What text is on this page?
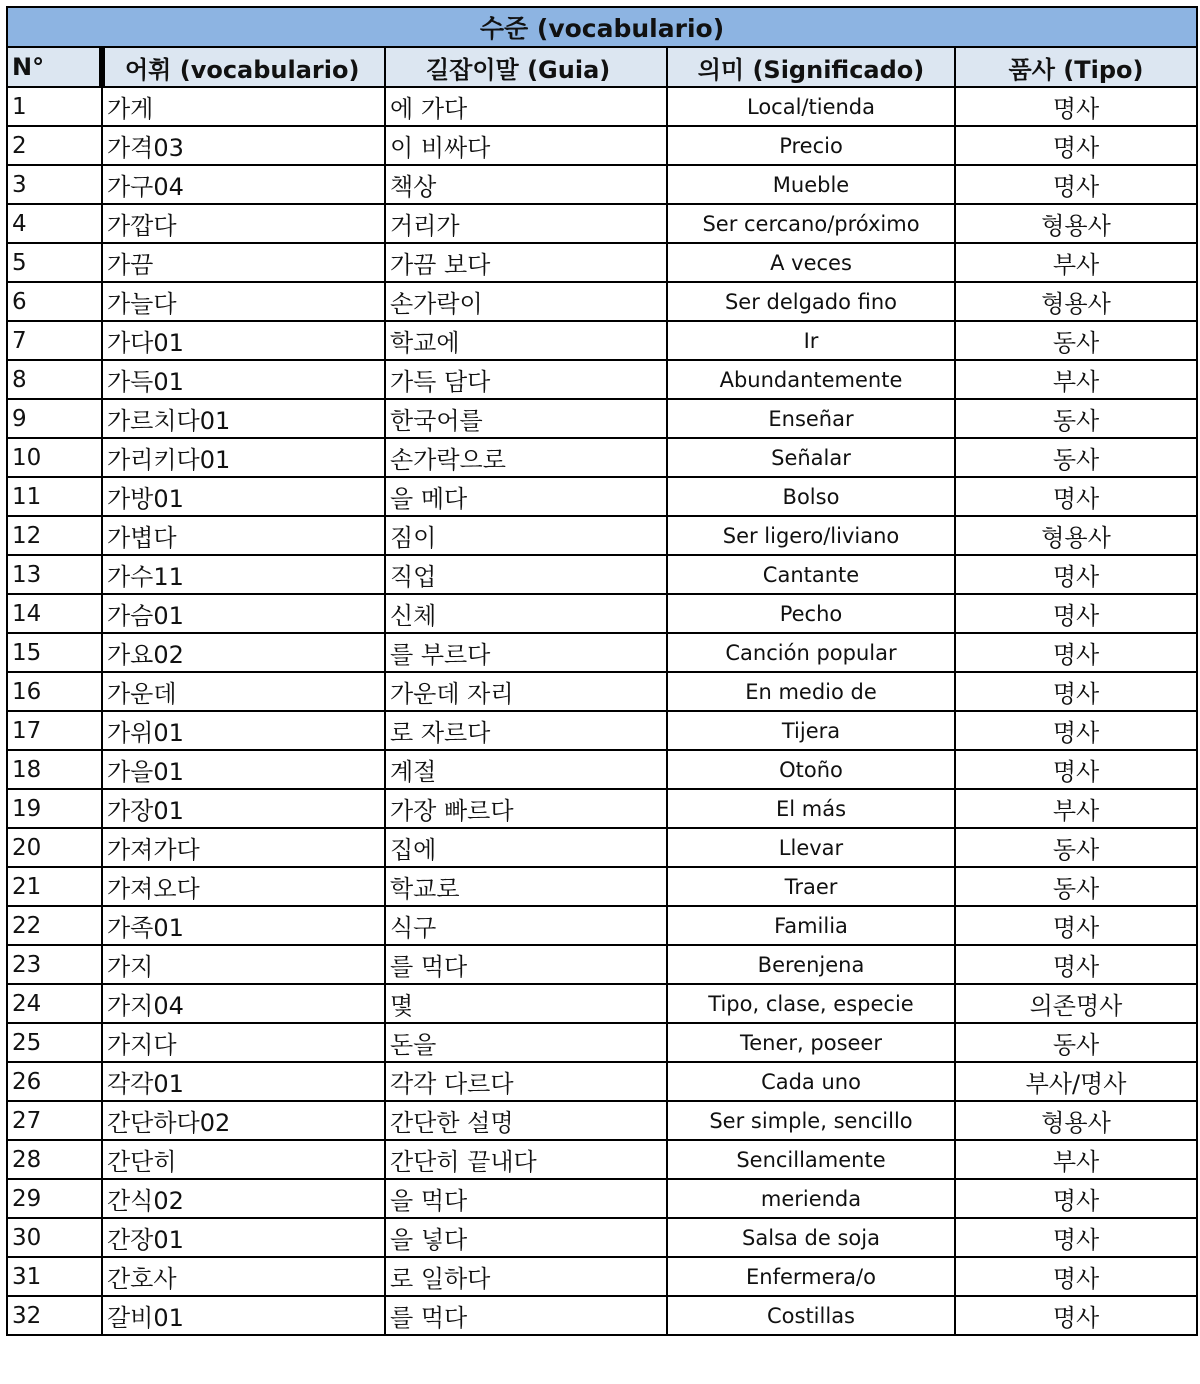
수준 (vocabulario)				
N°	어휘 (vocabulario)	길잡이말 (Guia)	의미 (Significado)	품사 (Tipo)
1	가게	에 가다	Local/tienda	명사
2	가격03	이 비싸다	Precio	명사
3	가구04	책상	Mueble	명사
4	가깝다	거리가	Ser cercano/próximo	형용사
5	가끔	가끔 보다	A veces	부사
6	가늘다	손가락이	Ser delgado fino	형용사
7	가다01	학교에	Ir	동사
8	가득01	가득 담다	Abundantemente	부사
9	가르치다01	한국어를	Enseñar	동사
10	가리키다01	손가락으로	Señalar	동사
11	가방01	을 메다	Bolso	명사
12	가볍다	짐이	Ser ligero/liviano	형용사
13	가수11	직업	Cantante	명사
14	가슴01	신체	Pecho	명사
15	가요02	를 부르다	Canción popular	명사
16	가운데	가운데 자리	En medio de	명사
17	가위01	로 자르다	Tijera	명사
18	가을01	계절	Otoño	명사
19	가장01	가장 빠르다	El más	부사
20	가져가다	집에	Llevar	동사
21	가져오다	학교로	Traer	동사
22	가족01	식구	Familia	명사
23	가지	를 먹다	Berenjena	명사
24	가지04	몇	Tipo, clase, especie	의존명사
25	가지다	돈을	Tener, poseer	동사
26	각각01	각각 다르다	Cada uno	부사/명사
27	간단하다02	간단한 설명	Ser simple, sencillo	형용사
28	간단히	간단히 끝내다	Sencillamente	부사
29	간식02	을 먹다	merienda	명사
30	간장01	을 넣다	Salsa de soja	명사
31	간호사	로 일하다	Enfermera/o	명사
32	갈비01	를 먹다	Costillas	명사
